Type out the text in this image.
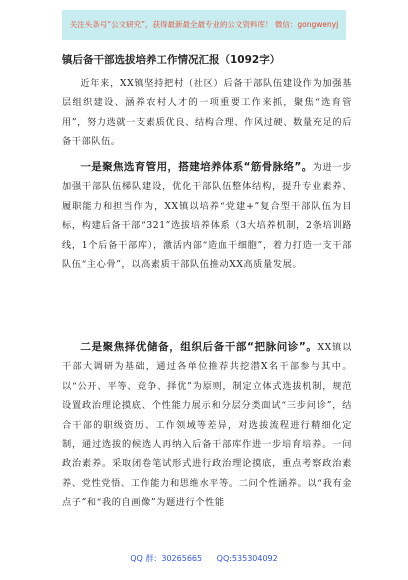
关注头条号“公文研究”，获得最新最全最专业的公文资料库！ 微信：gongwenyj
镇后备干部选拔培养工作情况汇报（1092字）

近年来，XX镇坚持把村（社区）后备干部队伍建设作为加强基层组织建设、涵养农村人才的一项重要工作来抓，聚焦“选育管用”，努力选就一支素质优良、结构合理、作风过硬、数量充足的后备干部队伍。

一是聚焦选育管用，搭建培养体系“筋骨脉络”。为进一步加强干部队伍梯队建设，优化干部队伍整体结构，提升专业素养、履职能力和担当作为，XX镇以培养“党建+”复合型干部队伍为目标，构建后备干部“321”选拔培养体系（3大培养机制，2条培训路线，1个后备干部库），激活内部“造血干细胞”，着力打造一支干部队伍“主心骨”，以高素质干部队伍推动XX高质量发展。

二是聚焦择优储备，组织后备干部“把脉问诊”。XX镇以干部大调研为基础，通过各单位推荐共挖潜X名干部参与其中。以“公开、平等、竞争、择优”为原则，制定立体式选拔机制，规范设置政治理论摸底、个性能力展示和分层分类面试“三步问诊”，结合干部的职级资历、工作领域等差异，对选拔流程进行精细化定制，通过选拔的候选人再纳入后备干部库作进一步培育培养。一问政治素养。采取闭卷笔试形式进行政治理论摸底，重点考察政治素养、党性党悟、工作能力和思维水平等。二问个性涵养。以“我有金点子”和“我的自画像”为题进行个性能

QQ 群：30265665 QQ:535304092
